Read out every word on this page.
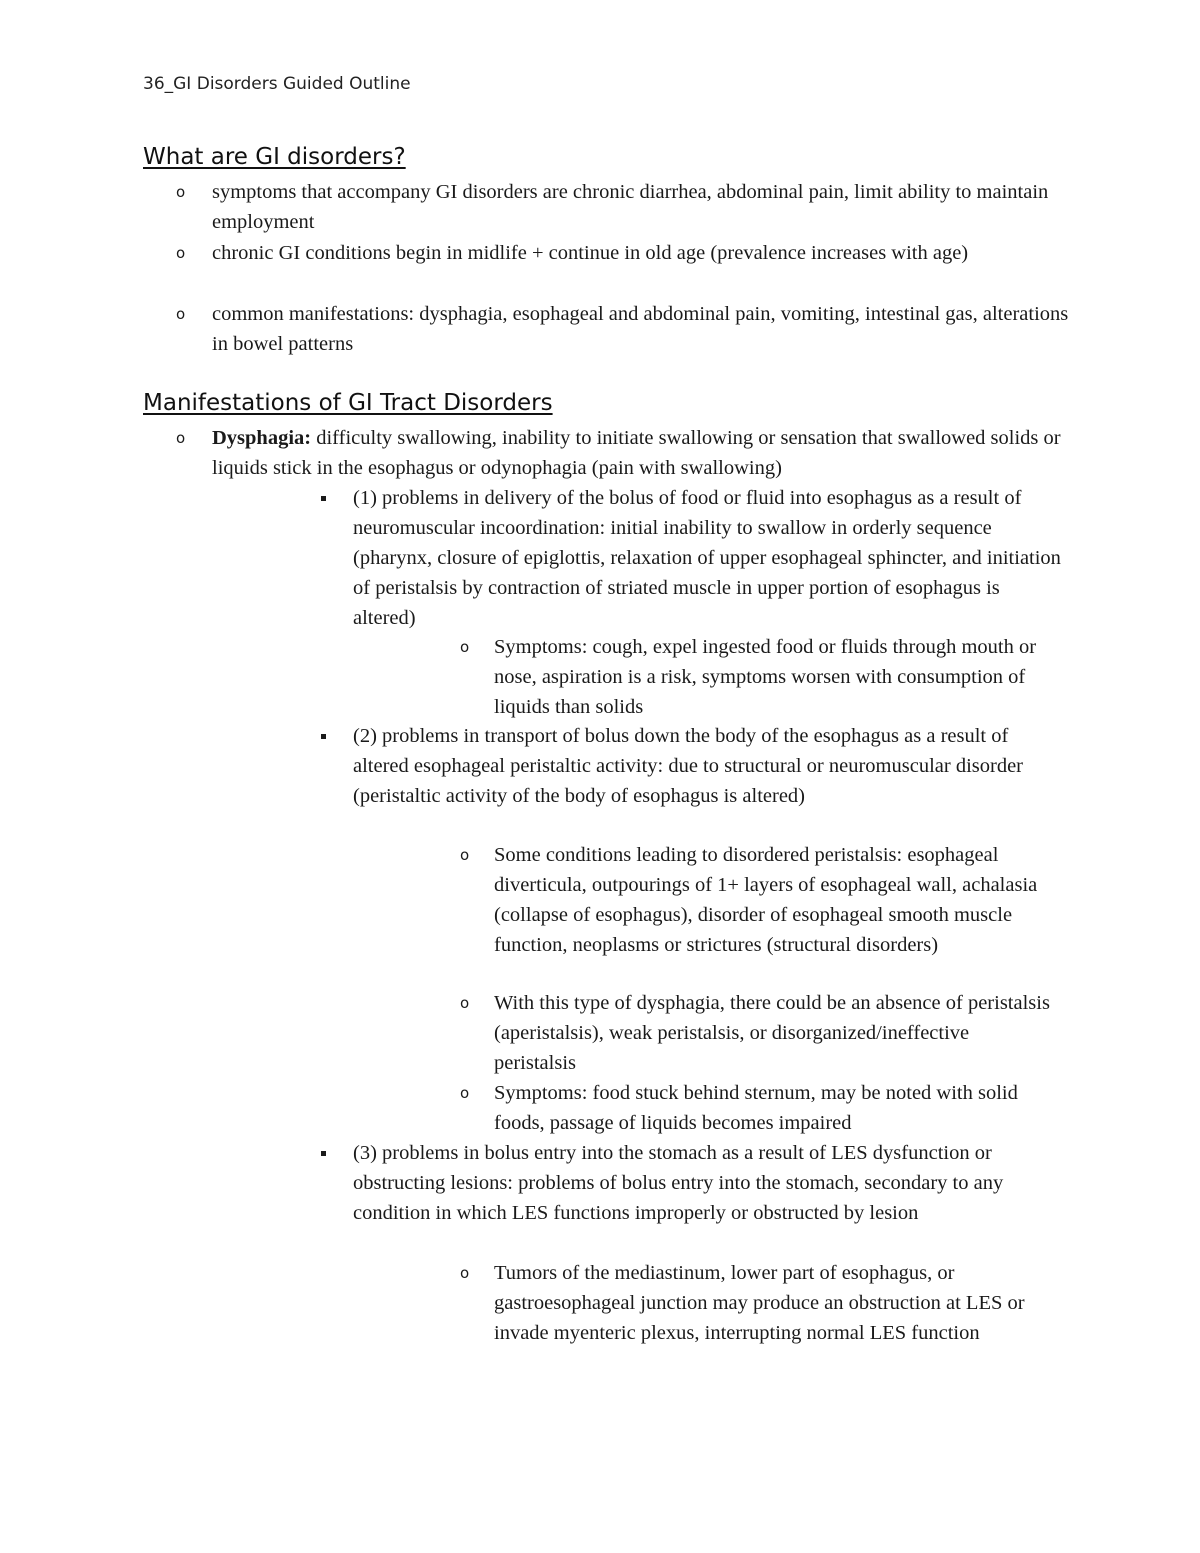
36_GI Disorders Guided Outline
What are GI disorders?
o symptoms that accompany GI disorders are chronic diarrhea, abdominal pain, limit ability to maintain employment

o chronic GI conditions begin in midlife + continue in old age (prevalence increases with age)

o common manifestations: dysphagia, esophageal and abdominal pain, vomiting, intestinal gas, alterations in bowel patterns

Manifestations of GI Tract Disorders
o Dysphagia: difficulty swallowing, inability to initiate swallowing or sensation that swallowed solids or liquids stick in the esophagus or odynophagia (pain with swallowing)

(1) problems in delivery of the bolus of food or fluid into esophagus as a result of neuromuscular incoordination: initial inability to swallow in orderly sequence (pharynx, closure of epiglottis, relaxation of upper esophageal sphincter, and initiation of peristalsis by contraction of striated muscle in upper portion of esophagus is altered)

o Symptoms: cough, expel ingested food or fluids through mouth or nose, aspiration is a risk, symptoms worsen with consumption of liquids than solids

(2) problems in transport of bolus down the body of the esophagus as a result of altered esophageal peristaltic activity: due to structural or neuromuscular disorder (peristaltic activity of the body of esophagus is altered)

o Some conditions leading to disordered peristalsis: esophageal diverticula, outpourings of 1+ layers of esophageal wall, achalasia (collapse of esophagus), disorder of esophageal smooth muscle function, neoplasms or strictures (structural disorders)

o With this type of dysphagia, there could be an absence of peristalsis (aperistalsis), weak peristalsis, or disorganized/ineffective peristalsis

o Symptoms: food stuck behind sternum, may be noted with solid foods, passage of liquids becomes impaired

(3) problems in bolus entry into the stomach as a result of LES dysfunction or obstructing lesions: problems of bolus entry into the stomach, secondary to any condition in which LES functions improperly or obstructed by lesion

o Tumors of the mediastinum, lower part of esophagus, or gastroesophageal junction may produce an obstruction at LES or invade myenteric plexus, interrupting normal LES function
